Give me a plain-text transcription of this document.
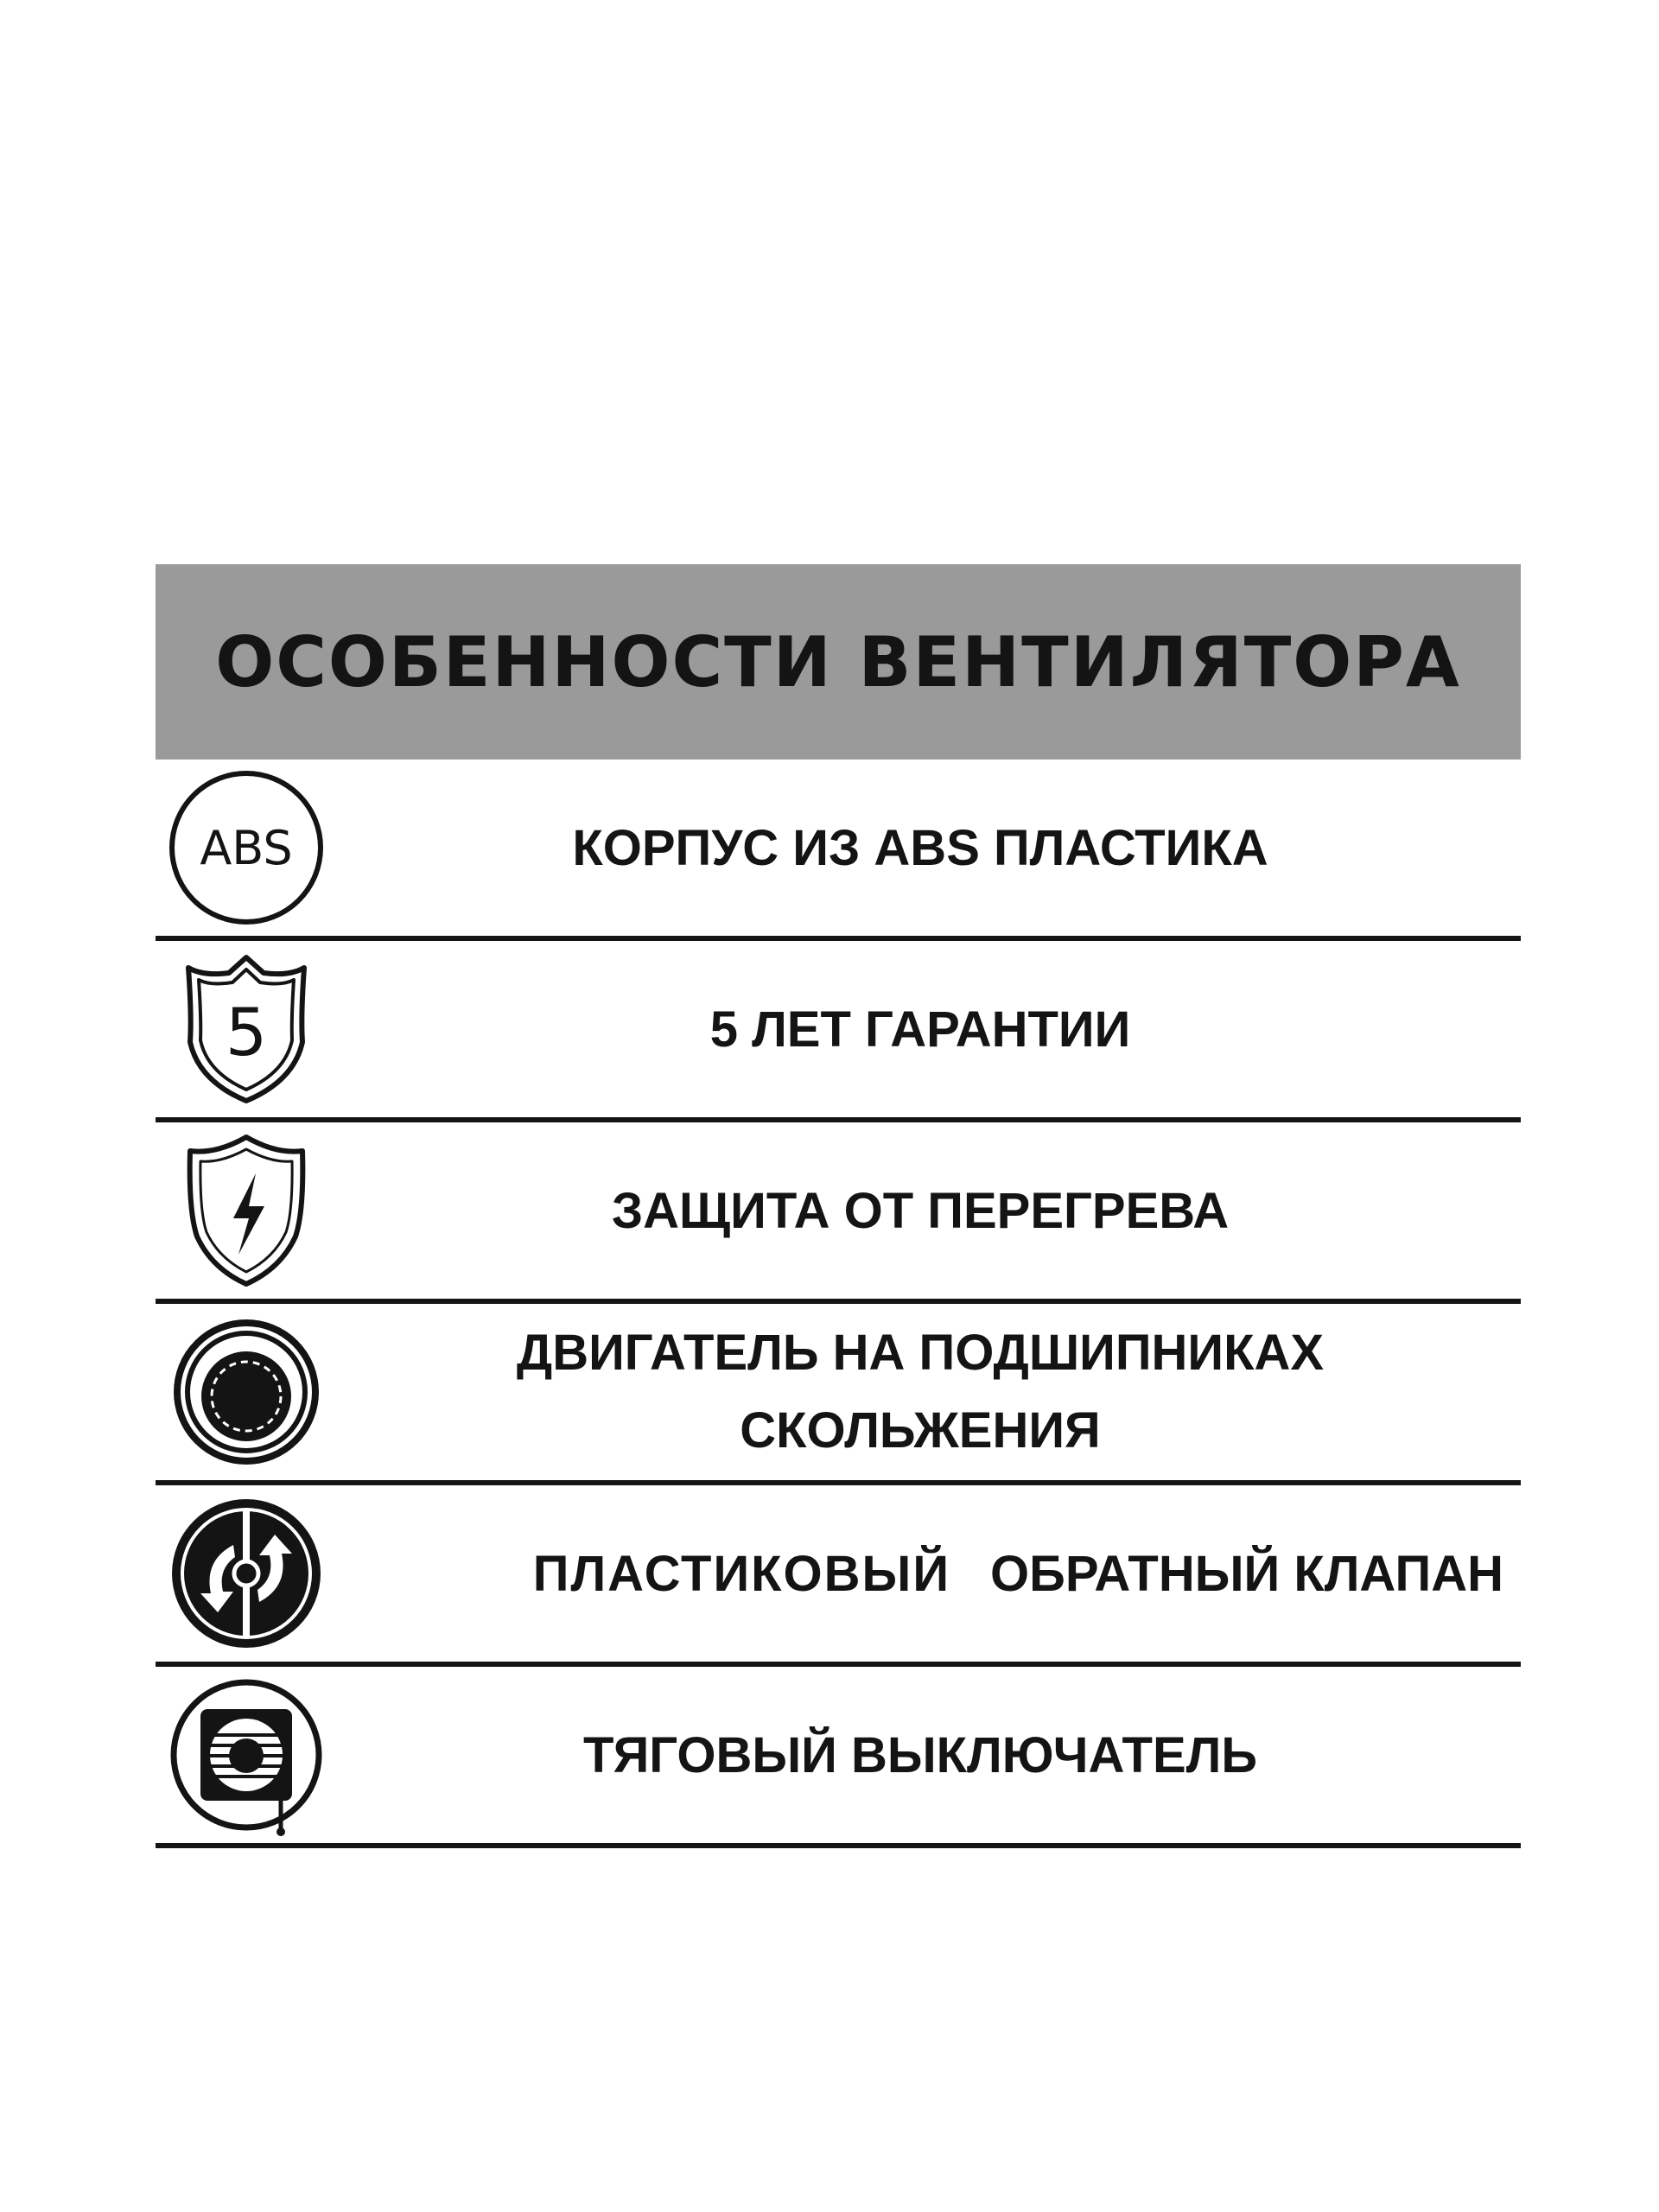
ОСОБЕННОСТИ ВЕНТИЛЯТОРА
ABS	КОРПУС ИЗ ABS ПЛАСТИКА
5	5 ЛЕТ ГАРАНТИИ
ЗАЩИТА ОТ ПЕРЕГРЕВА
ДВИГАТЕЛЬ НА ПОДШИПНИКАХ
СКОЛЬЖЕНИЯ
ПЛАСТИКОВЫЙ ОБРАТНЫЙ КЛАПАН
ТЯГОВЫЙ ВЫКЛЮЧАТЕЛЬ
